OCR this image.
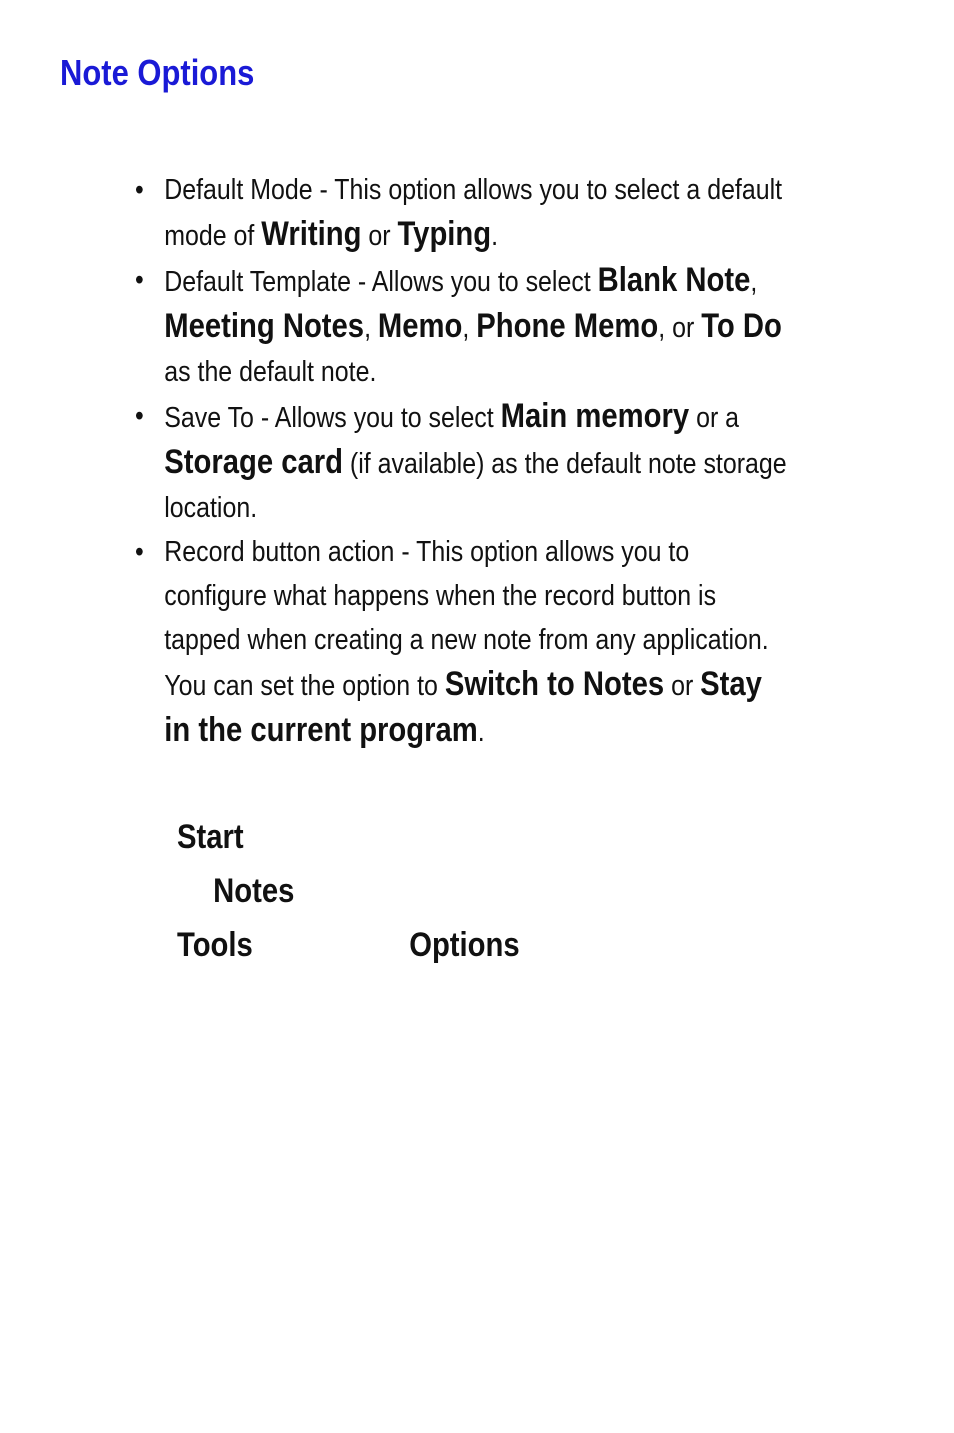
Note Options
• Default Mode - This option allows you to select a default mode of Writing or Typing.
• Default Template - Allows you to select Blank Note, Meeting Notes, Memo, Phone Memo, or To Do as the default note.
• Save To - Allows you to select Main memory or a Storage card (if available) as the default note storage location.
• Record button action - This option allows you to configure what happens when the record button is tapped when creating a new note from any application. You can set the option to Switch to Notes or Stay in the current program.
Start
Notes
Tools	Options
